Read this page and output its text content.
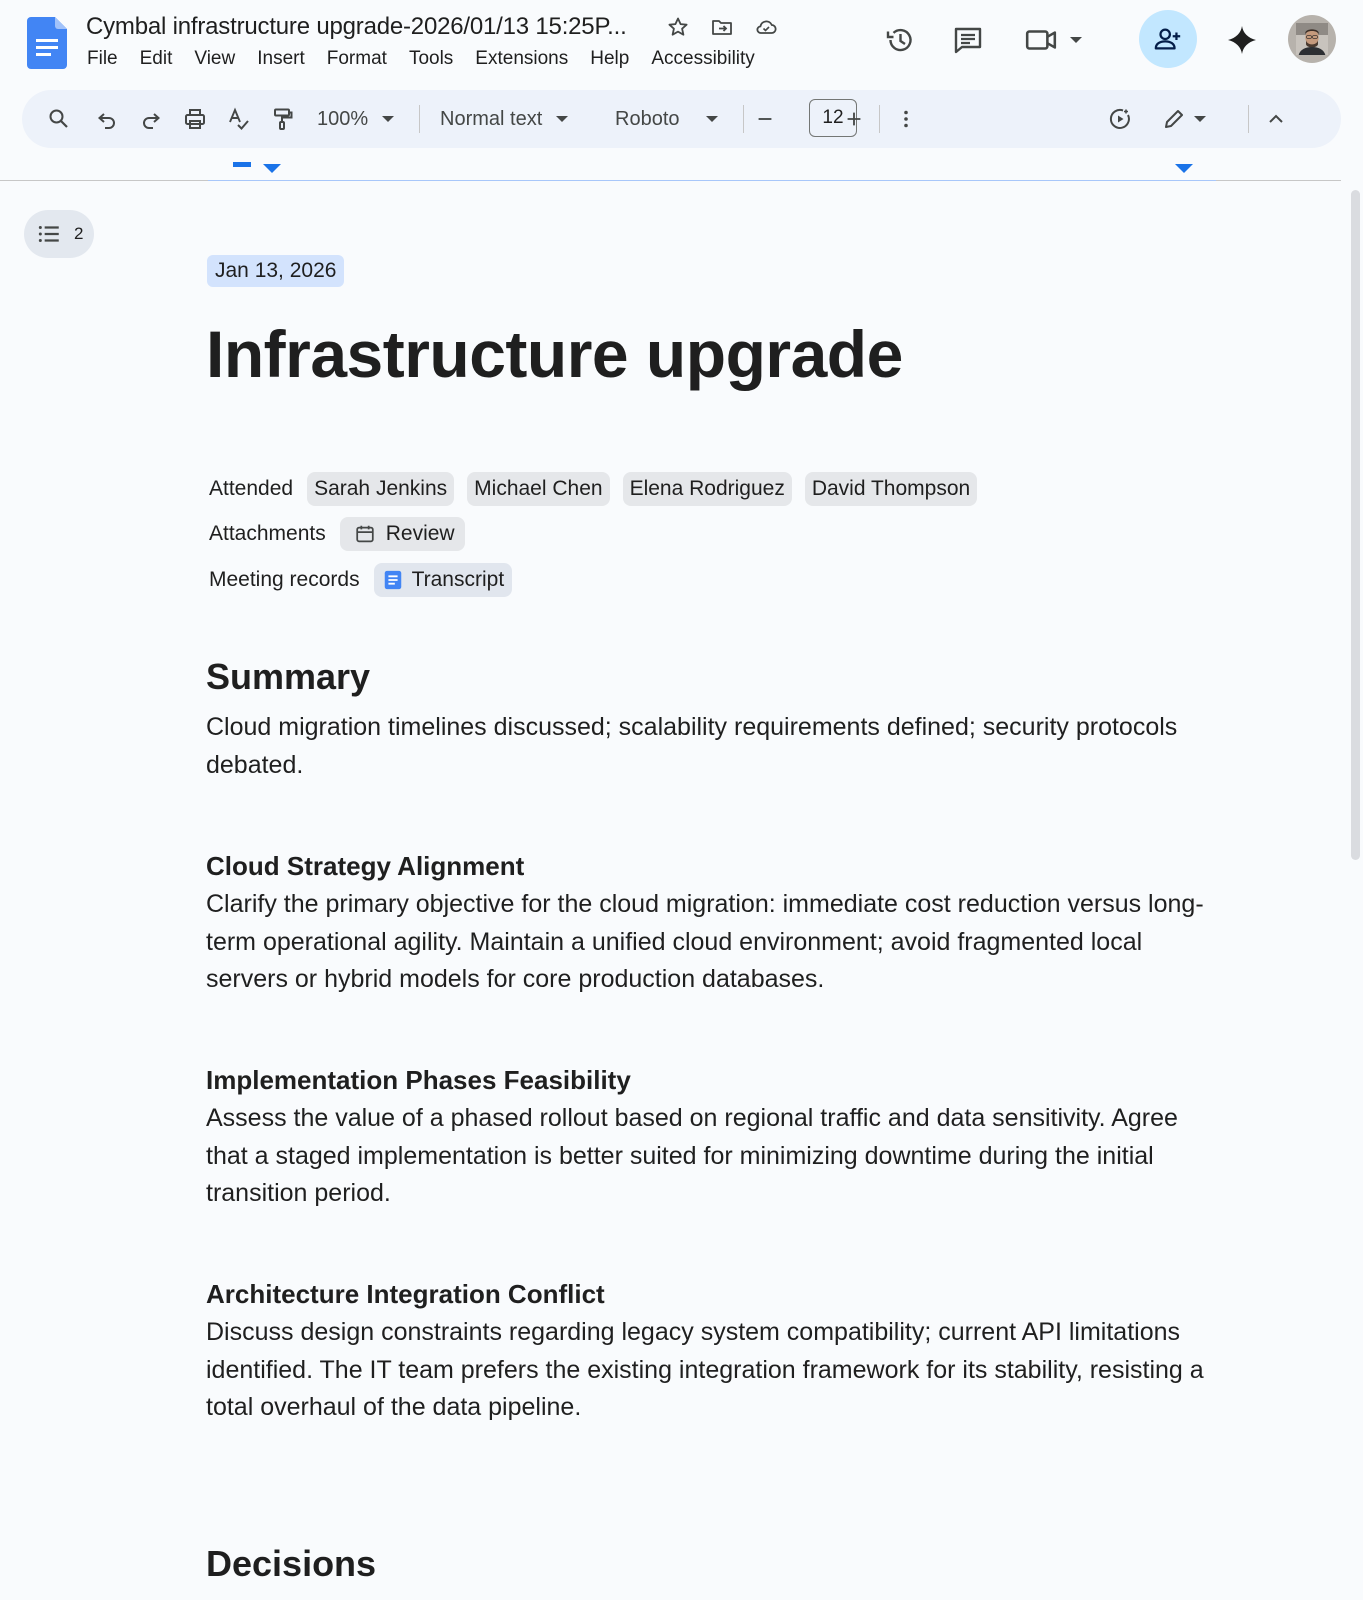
Cymbal infrastructure upgrade-2026/01/13 15:25P...
File Edit View Insert Format Tools Extensions Help Accessibility
100%	Normal text	Roboto	12
2
Jan 13, 2026
Infrastructure upgrade
Attended	Sarah Jenkins	Michael Chen	Elena Rodriguez	David Thompson
Attachments	Review
Meeting records Transcript
Summary
Cloud migration timelines discussed; scalability requirements defined; security protocols debated.
Cloud Strategy Alignment
Clarify the primary objective for the cloud migration: immediate cost reduction versus long-term operational agility. Maintain a unified cloud environment; avoid fragmented local servers or hybrid models for core production databases.
Implementation Phases Feasibility
Assess the value of a phased rollout based on regional traffic and data sensitivity. Agree that a staged implementation is better suited for minimizing downtime during the initial transition period.
Architecture Integration Conflict
Discuss design constraints regarding legacy system compatibility; current API limitations identified. The IT team prefers the existing integration framework for its stability, resisting a total overhaul of the data pipeline.
Decisions
